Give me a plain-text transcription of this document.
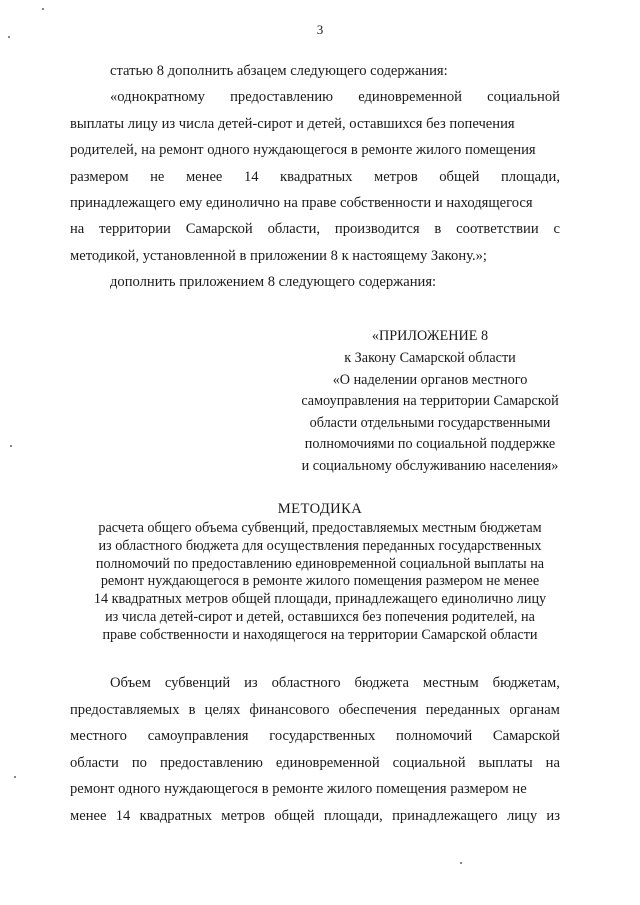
3
статью 8 дополнить абзацем следующего содержания:
«однократному предоставлению единовременной социальной
выплаты лицу из числа детей-сирот и детей, оставшихся без попечения
родителей, на ремонт одного нуждающегося в ремонте жилого помещения
размером не менее 14 квадратных метров общей площади,
принадлежащего ему единолично на праве собственности и находящегося
на территории Самарской области, производится в соответствии с
методикой, установленной в приложении 8 к настоящему Закону.»;
дополнить приложением 8 следующего содержания:
«ПРИЛОЖЕНИЕ 8
к Закону Самарской области
«О наделении органов местного
самоуправления на территории Самарской
области отдельными государственными
полномочиями по социальной поддержке
и социальному обслуживанию населения»
МЕТОДИКА
расчета общего объема субвенций, предоставляемых местным бюджетам
из областного бюджета для осуществления переданных государственных
полномочий по предоставлению единовременной социальной выплаты на
ремонт нуждающегося в ремонте жилого помещения размером не менее
14 квадратных метров общей площади, принадлежащего единолично лицу
из числа детей-сирот и детей, оставшихся без попечения родителей, на
праве собственности и находящегося на территории Самарской области
Объем субвенций из областного бюджета местным бюджетам,
предоставляемых в целях финансового обеспечения переданных органам
местного самоуправления государственных полномочий Самарской
области по предоставлению единовременной социальной выплаты на
ремонт одного нуждающегося в ремонте жилого помещения размером не
менее 14 квадратных метров общей площади, принадлежащего лицу из
